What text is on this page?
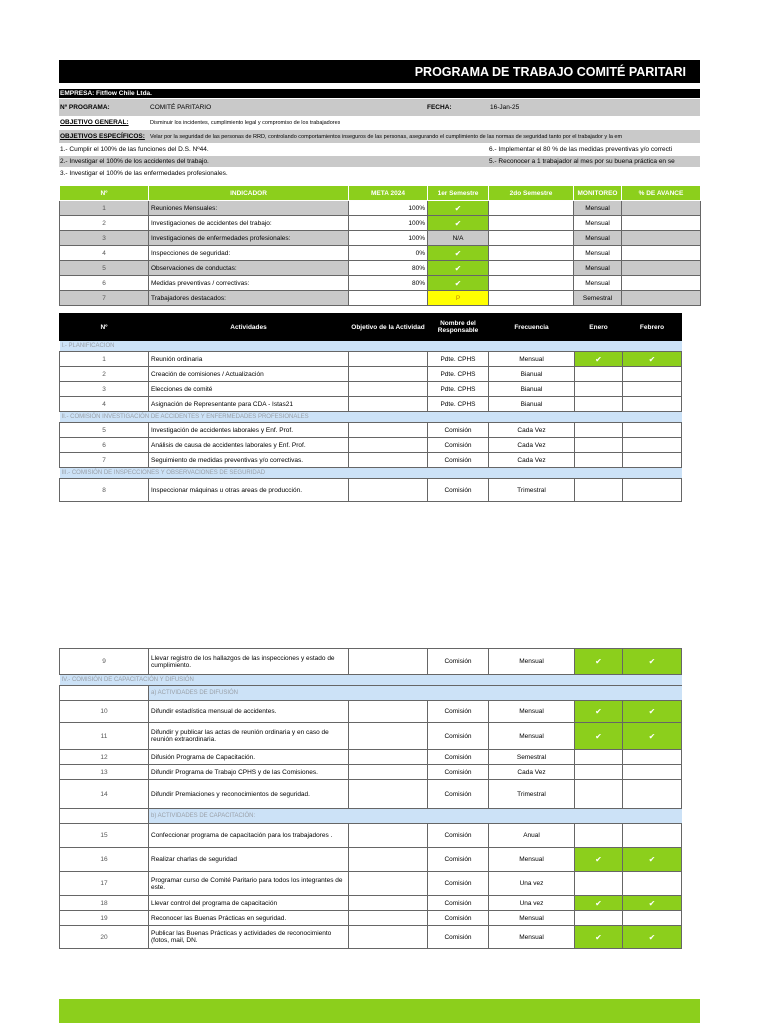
PROGRAMA DE TRABAJO COMITÉ PARITARI
EMPRESA: Fitflow Chile Ltda.
Nº PROGRAMA:	COMITÉ PARITARIO	FECHA:	16-Jan-25
OBJETIVO GENERAL:	Disminuir los incidentes, cumplimiento legal y compromiso de los trabajadores
OBJETIVOS ESPECÍFICOS: Velar por la seguridad de las personas de RRD, controlando comportamientos inseguros de las personas, asegurando el cumplimiento de las normas de seguridad tanto por el trabajador y la em
1.- Cumplir el 100% de las funciones del D.S. Nº44.	6.- Implementar el 80 % de las medidas preventivas y/o correcti
2.- Investigar el 100% de los accidentes del trabajo.	5.- Reconocer a 1 trabajador al mes por su buena práctica en se
3.- Investigar el 100% de las enfermedades profesionales.
Nº	INDICADOR	META 2024	1er Semestre	2do Semestre	MONITOREO	% DE AVANCE
1	Reuniones Mensuales:	100%	✔		Mensual	
2	Investigaciones de accidentes del trabajo:	100%	✔		Mensual	
3	Investigaciones de enfermedades profesionales:	100%	N/A		Mensual	
4	Inspecciones de seguridad:	0%	✔		Mensual	
5	Observaciones de conductas:	80%	✔		Mensual	
6	Medidas preventivas / correctivas:	80%	✔		Mensual	
7	Trabajadores destacados:		P		Semestral	
Nº	Actividades	Objetivo de la Actividad	Nombre del Responsable	Frecuencia	Enero	Febrero
I.- PLANIFICACION						
1	Reunión ordinaria		Pdte. CPHS	Mensual	✔	✔
2	Creación de comisiones / Actualización		Pdte. CPHS	Bianual		
3	Elecciones de comité		Pdte. CPHS	Bianual		
4	Asignación de Representante para CDA - Istas21		Pdte. CPHS	Bianual		
II.- COMISIÓN INVESTIGACIÓN DE ACCIDENTES Y ENFERMEDADES PROFESIONALES						
5	Investigación de accidentes laborales y Enf. Prof.		Comisión	Cada Vez		
6	Análisis de causa de accidentes laborales y Enf. Prof.		Comisión	Cada Vez		
7	Seguimiento de medidas preventivas y/o correctivas.		Comisión	Cada Vez		
III.- COMISIÓN DE INSPECCIONES Y OBSERVACIONES DE SEGURIDAD						
8	Inspeccionar máquinas u otras areas de producción.		Comisión	Trimestral		
9	Llevar registro de los hallazgos de las inspecciones y estado de cumplimiento.		Comisión	Mensual	✔	✔
IV.- COMISIÓN DE CAPACITACIÓN Y DIFUSIÓN						
	a) ACTIVIDADES DE DIFUSIÓN					
10	Difundir estadística mensual de accidentes.		Comisión	Mensual	✔	✔
11	Difundir y publicar las actas de reunión ordinaria y en caso de reunión extraordinaria.		Comisión	Mensual	✔	✔
12	Difusión Programa de Capacitación.		Comisión	Semestral		
13	Difundir Programa de Trabajo CPHS y de las Comisiones.		Comisión	Cada Vez		
14	Difundir Premiaciones y reconocimientos de seguridad.		Comisión	Trimestral		
	b) ACTIVIDADES DE CAPACITACIÓN:					
15	Confeccionar programa de capacitación para los trabajadores .		Comisión	Anual		
16	Realizar charlas de seguridad		Comisión	Mensual	✔	✔
17	Programar curso de Comité Paritario para todos los integrantes de este.		Comisión	Una vez		
18	Llevar control del programa de capacitación		Comisión	Una vez	✔	✔
19	Reconocer las Buenas Prácticas en seguridad.		Comisión	Mensual		
20	Publicar las Buenas Prácticas y actividades de reconocimiento (fotos, mail, DN.		Comisión	Mensual	✔	✔
